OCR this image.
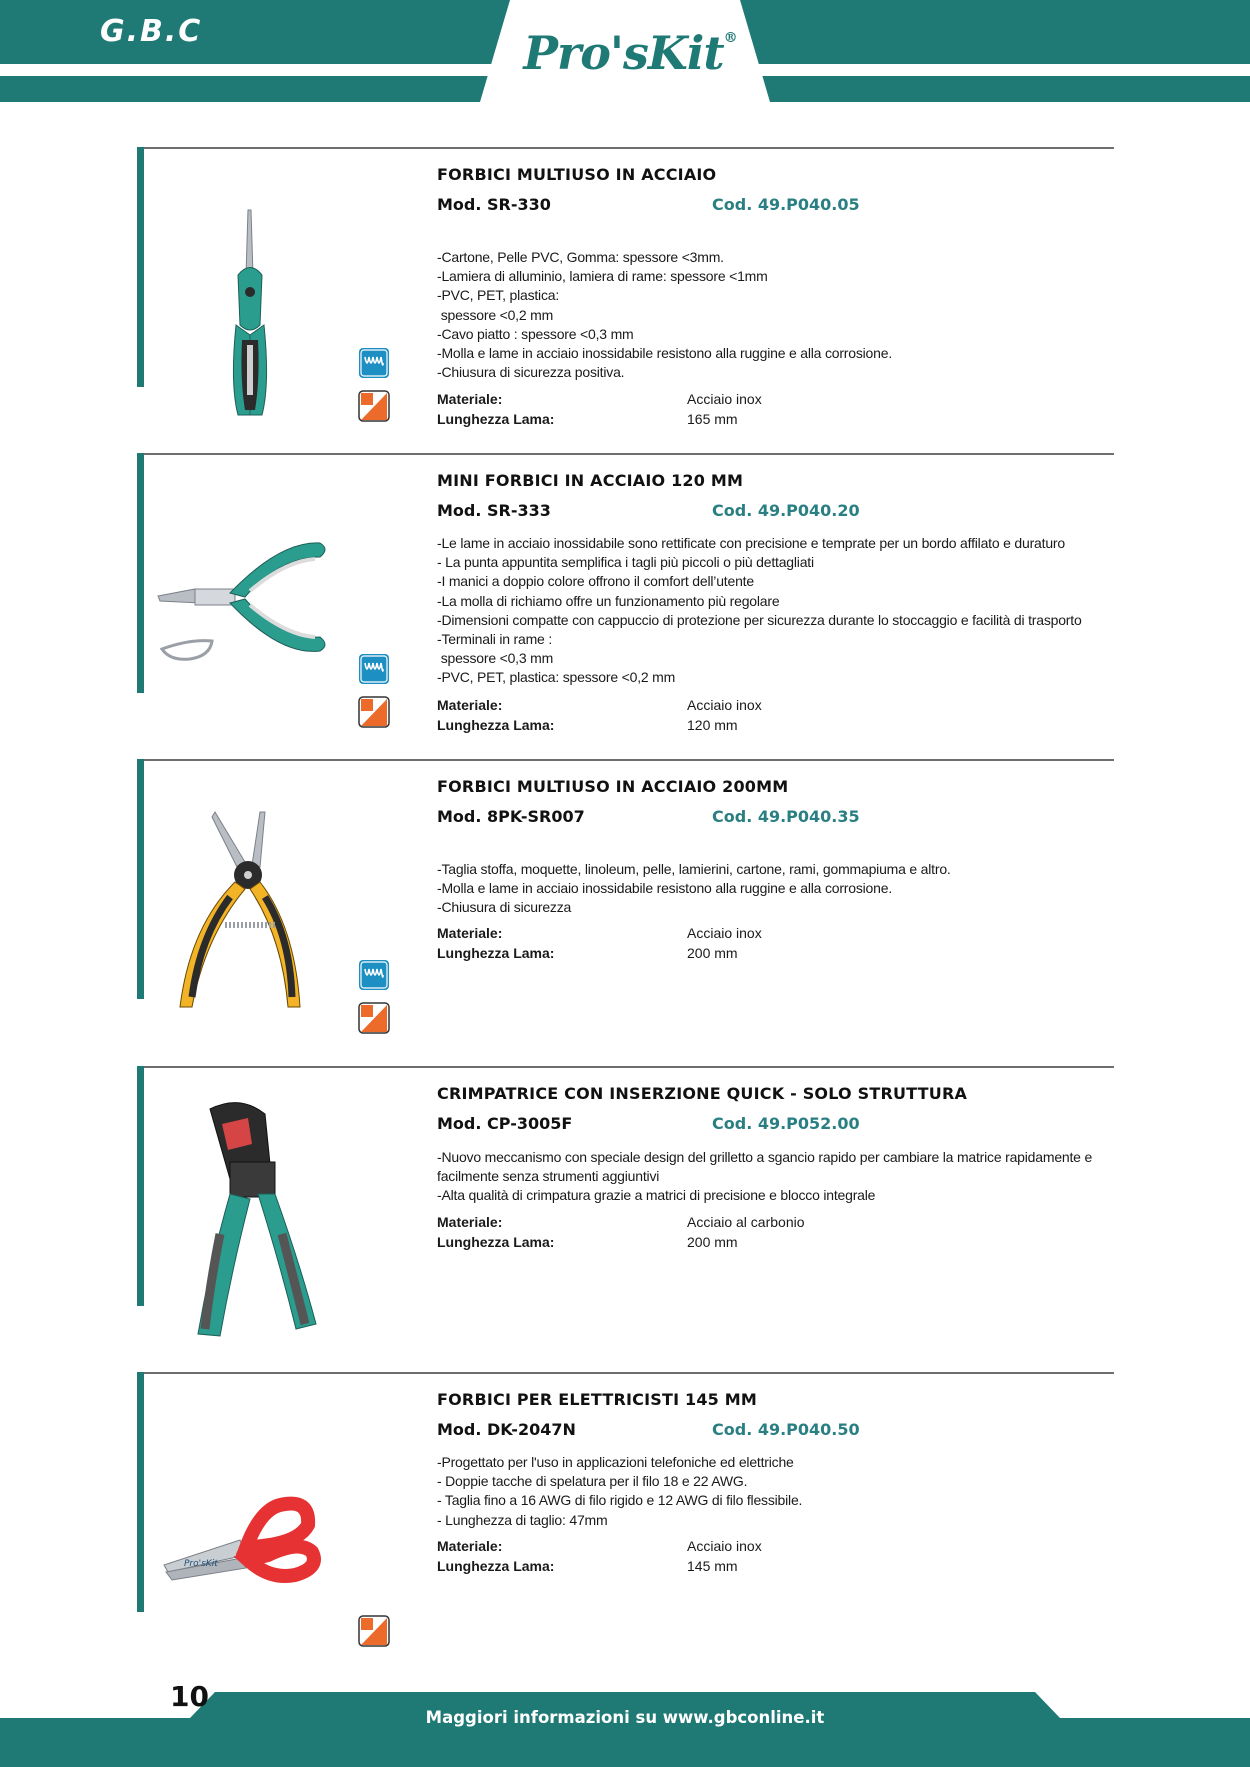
G.B.C	Pro'sKit®
FORBICI MULTIUSO IN ACCIAIO
Mod. SR-330	Cod. 49.P040.05
-Cartone, Pelle PVC, Gomma: spessore <3mm.
-Lamiera di alluminio, lamiera di rame: spessore <1mm
-PVC, PET, plastica:
spessore <0,2 mm
-Cavo piatto : spessore <0,3 mm
-Molla e lame in acciaio inossidabile resistono alla ruggine e alla corrosione.
-Chiusura di sicurezza positiva.
Materiale:	Acciaio inox
Lunghezza Lama:	165 mm
MINI FORBICI IN ACCIAIO 120 MM
Mod. SR-333	Cod. 49.P040.20
-Le lame in acciaio inossidabile sono rettificate con precisione e temprate per un bordo affilato e duraturo
- La punta appuntita semplifica i tagli più piccoli o più dettagliati
-I manici a doppio colore offrono il comfort dell’utente
-La molla di richiamo offre un funzionamento più regolare
-Dimensioni compatte con cappuccio di protezione per sicurezza durante lo stoccaggio e facilità di trasporto
-Terminali in rame :
spessore <0,3 mm
-PVC, PET, plastica: spessore <0,2 mm
Materiale:	Acciaio inox
Lunghezza Lama:	120 mm
FORBICI MULTIUSO IN ACCIAIO 200MM
Mod. 8PK-SR007	Cod. 49.P040.35
-Taglia stoffa, moquette, linoleum, pelle, lamierini, cartone, rami, gommapiuma e altro.
-Molla e lame in acciaio inossidabile resistono alla ruggine e alla corrosione.
-Chiusura di sicurezza
Materiale:	Acciaio inox
Lunghezza Lama:	200 mm
CRIMPATRICE CON INSERZIONE QUICK - SOLO STRUTTURA
Mod. CP-3005F	Cod. 49.P052.00
-Nuovo meccanismo con speciale design del grilletto a sgancio rapido per cambiare la matrice rapidamente e facilmente senza strumenti aggiuntivi
-Alta qualità di crimpatura grazie a matrici di precisione e blocco integrale
Materiale:	Acciaio al carbonio
Lunghezza Lama:	200 mm
Pro'sKit
FORBICI PER ELETTRICISTI 145 MM
Mod. DK-2047N	Cod. 49.P040.50
-Progettato per l'uso in applicazioni telefoniche ed elettriche
- Doppie tacche di spelatura per il filo 18 e 22 AWG.
- Taglia fino a 16 AWG di filo rigido e 12 AWG di filo flessibile.
- Lunghezza di taglio: 47mm
Materiale:	Acciaio inox
Lunghezza Lama:	145 mm
Maggiori informazioni su www.gbconline.it
10
